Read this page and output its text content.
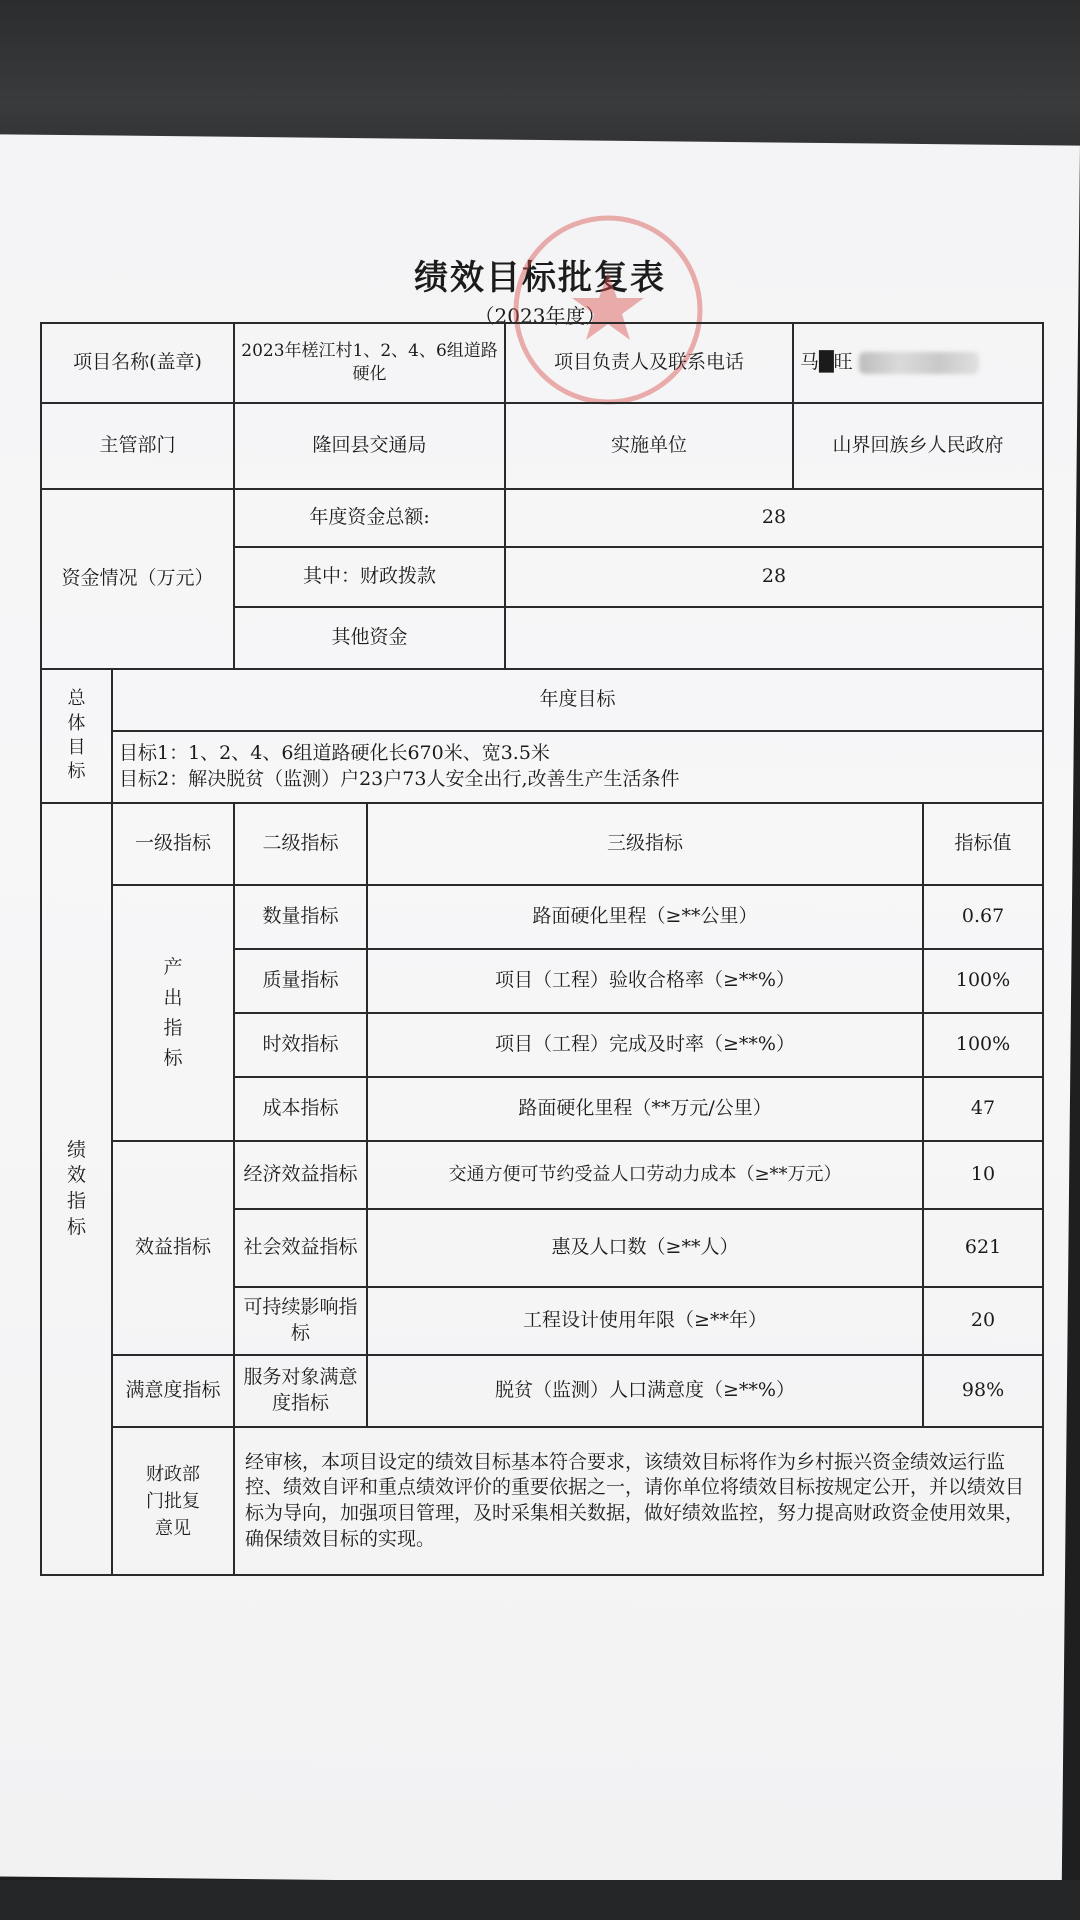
绩效目标批复表
（2023年度）
项目名称(盖章)		2023年槎江村1、2、4、6组道路硬化		项目负责人及联系电话	马█旺	
主管部门		隆回县交通局		实施单位	山界回族乡人民政府	
资金情况（万元）		年度资金总额:		28		
		其中：财政拨款		28		
		其他资金				
总体目标	年度目标					

	目标1：1、2、4、6组道路硬化长670米、宽3.5米
目标2：解决脱贫（监测）户23户73人安全出行,改善生产生活条件					

绩效指标	一级指标	二级指标	三级指标			指标值
	产出指标	数量指标	路面硬化里程（≥**公里）			0.67
		质量指标	项目（工程）验收合格率（≥**%）			100%
		时效指标	项目（工程）完成及时率（≥**%）			100%
		成本指标	路面硬化里程（**万元/公里）			47
	效益指标	经济效益指标	交通方便可节约受益人口劳动力成本（≥**万元）			10
		社会效益指标	惠及人口数（≥**人）			621
		可持续影响指标	工程设计使用年限（≥**年）			20
	满意度指标	服务对象满意度指标	脱贫（监测）人口满意度（≥**%）			98%
	财政部门批复意见	经审核，本项目设定的绩效目标基本符合要求，该绩效目标将作为乡村振兴资金绩效运行监控、绩效自评和重点绩效评价的重要依据之一，请你单位将绩效目标按规定公开，并以绩效目标为导向，加强项目管理，及时采集相关数据，做好绩效监控，努力提高财政资金使用效果，确保绩效目标的实现。				
